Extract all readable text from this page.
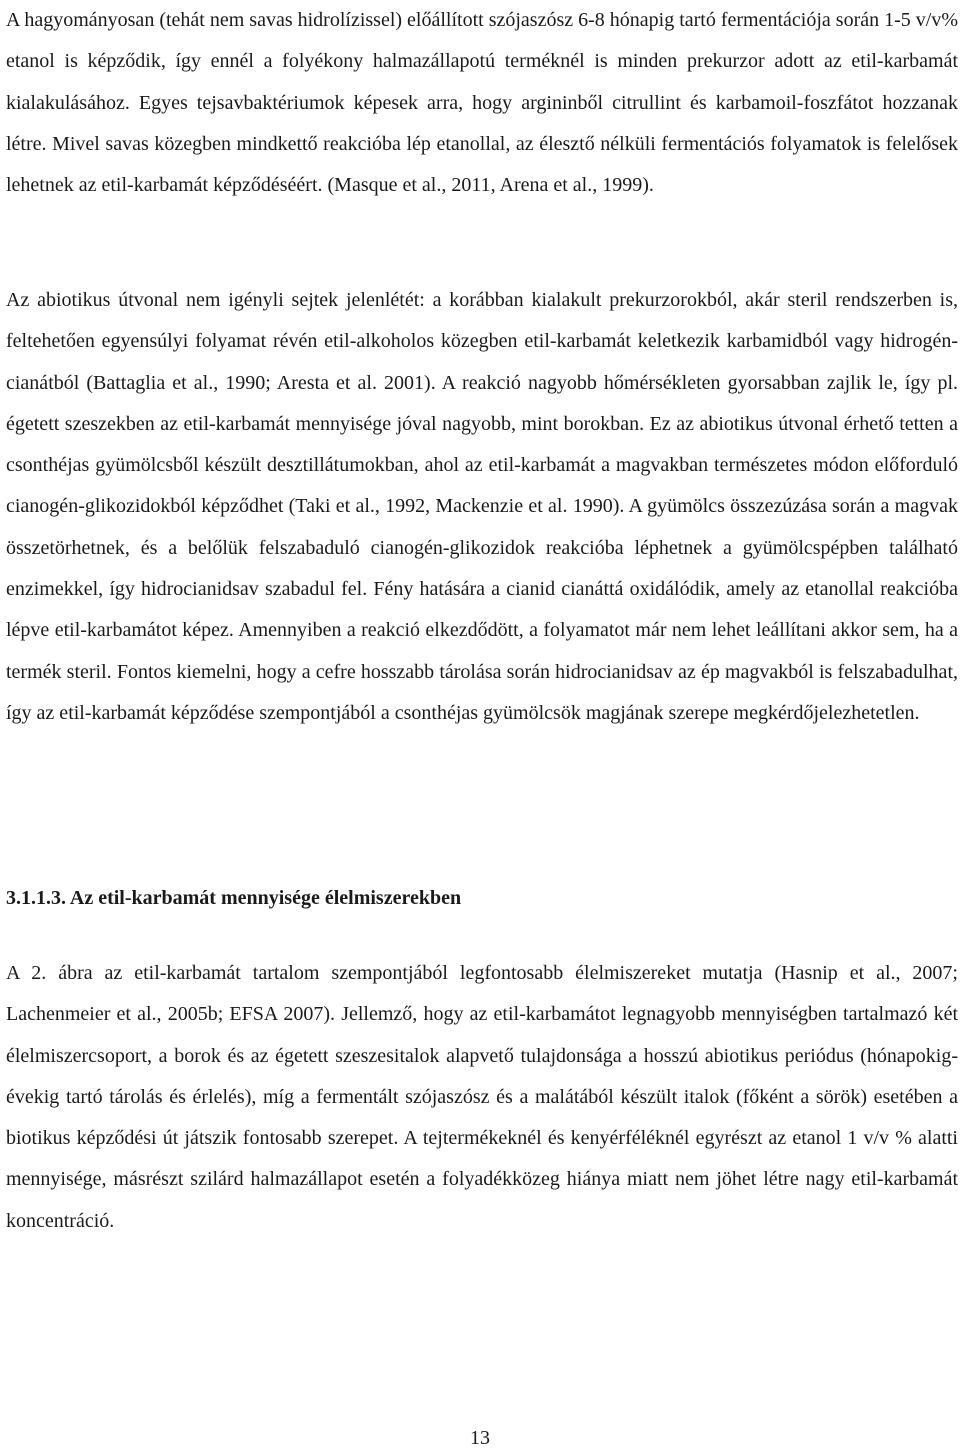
A hagyományosan (tehát nem savas hidrolízissel) előállított szójaszósz 6-8 hónapig tartó fermentációja során 1-5 v/v% etanol is képződik, így ennél a folyékony halmazállapotú terméknél is minden prekurzor adott az etil-karbamát kialakulásához. Egyes tejsavbaktériumok képesek arra, hogy argininből citrullint és karbamoil-foszfátot hozzanak létre. Mivel savas közegben mindkettő reakcióba lép etanollal, az élesztő nélküli fermentációs folyamatok is felelősek lehetnek az etil-karbamát képződéséért. (Masque et al., 2011, Arena et al., 1999).

Az abiotikus útvonal nem igényli sejtek jelenlétét: a korábban kialakult prekurzorokból, akár steril rendszerben is, feltehetően egyensúlyi folyamat révén etil-alkoholos közegben etil-karbamát keletkezik karbamidból vagy hidrogén-cianátból (Battaglia et al., 1990; Aresta et al. 2001). A reakció nagyobb hőmérsékleten gyorsabban zajlik le, így pl. égetett szeszekben az etil-karbamát mennyisége jóval nagyobb, mint borokban. Ez az abiotikus útvonal érhető tetten a csonthéjas gyümölcsből készült desztillátumokban, ahol az etil-karbamát a magvakban természetes módon előforduló cianogén-glikozidokból képződhet (Taki et al., 1992, Mackenzie et al. 1990). A gyümölcs összezúzása során a magvak összetörhetnek, és a belőlük felszabaduló cianogén-glikozidok reakcióba léphetnek a gyümölcspépben található enzimekkel, így hidrocianidsav szabadul fel. Fény hatására a cianid cianáttá oxidálódik, amely az etanollal reakcióba lépve etil-karbamátot képez. Amennyiben a reakció elkezdődött, a folyamatot már nem lehet leállítani akkor sem, ha a termék steril. Fontos kiemelni, hogy a cefre hosszabb tárolása során hidrocianidsav az ép magvakból is felszabadulhat, így az etil-karbamát képződése szempontjából a csonthéjas gyümölcsök magjának szerepe megkérdőjelezhetetlen.

3.1.1.3. Az etil-karbamát mennyisége élelmiszerekben

A 2. ábra az etil-karbamát tartalom szempontjából legfontosabb élelmiszereket mutatja (Hasnip et al., 2007; Lachenmeier et al., 2005b; EFSA 2007). Jellemző, hogy az etil-karbamátot legnagyobb mennyiségben tartalmazó két élelmiszercsoport, a borok és az égetett szeszesitalok alapvető tulajdonsága a hosszú abiotikus periódus (hónapokig-évekig tartó tárolás és érlelés), míg a fermentált szójaszósz és a malátából készült italok (főként a sörök) esetében a biotikus képződési út játszik fontosabb szerepet. A tejtermékeknél és kenyérféléknél egyrészt az etanol 1 v/v % alatti mennyisége, másrészt szilárd halmazállapot esetén a folyadékközeg hiánya miatt nem jöhet létre nagy etil-karbamát koncentráció.

13
